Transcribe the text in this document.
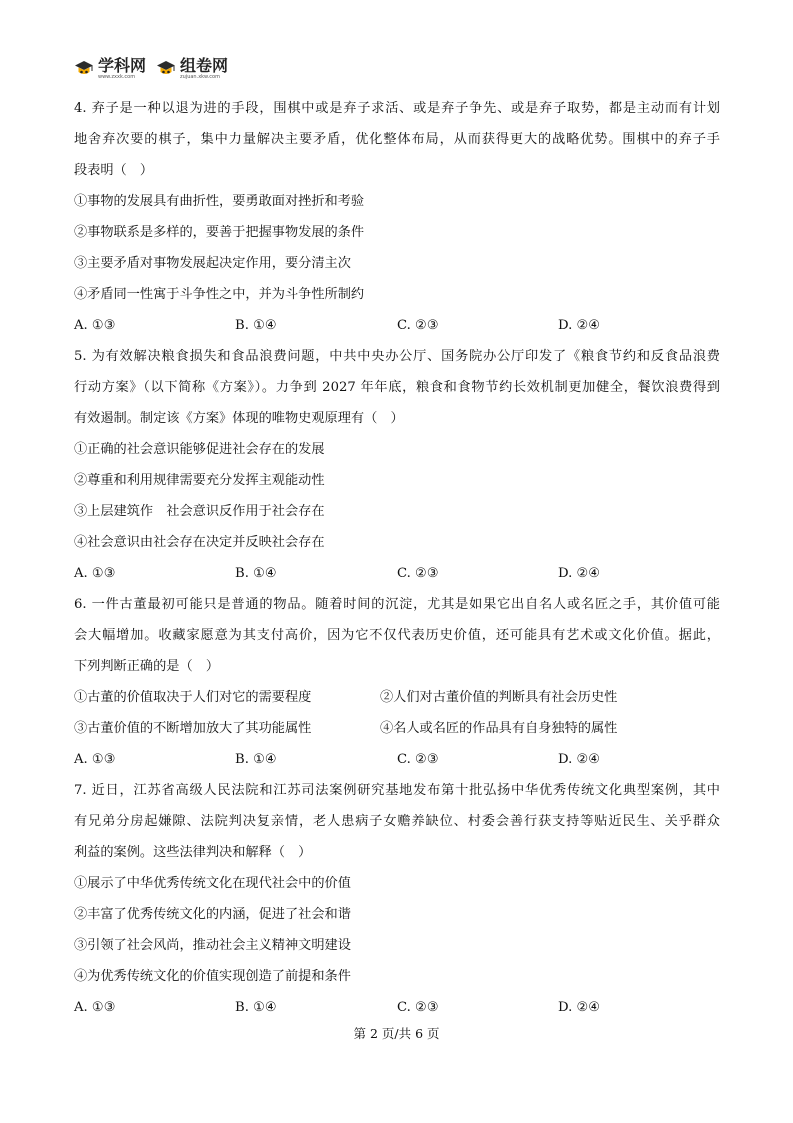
学科网
www.zxxk.com
组卷网
zujuan.xkw.com
4. 弃子是一种以退为进的手段，围棋中或是弃子求活、或是弃子争先、或是弃子取势，都是主动而有计划
地舍弃次要的棋子，集中力量解决主要矛盾，优化整体布局，从而获得更大的战略优势。围棋中的弃子手
段表明（　）
①事物的发展具有曲折性，要勇敢面对挫折和考验
②事物联系是多样的，要善于把握事物发展的条件
③主要矛盾对事物发展起决定作用，要分清主次
④矛盾同一性寓于斗争性之中，并为斗争性所制约
A. ①③	B. ①④	C. ②③	D. ②④
5. 为有效解决粮食损失和食品浪费问题，中共中央办公厅、国务院办公厅印发了《粮食节约和反食品浪费
行动方案》（以下简称《方案》）。力争到 2027 年年底，粮食和食物节约长效机制更加健全，餐饮浪费得到
有效遏制。制定该《方案》体现的唯物史观原理有（　）
①正确的社会意识能够促进社会存在的发展
②尊重和利用规律需要充分发挥主观能动性
③上层建筑作　社会意识反作用于社会存在
④社会意识由社会存在决定并反映社会存在
A. ①③	B. ①④	C. ②③	D. ②④
6. 一件古董最初可能只是普通的物品。随着时间的沉淀，尤其是如果它出自名人或名匠之手，其价值可能
会大幅增加。收藏家愿意为其支付高价，因为它不仅代表历史价值，还可能具有艺术或文化价值。据此，
下列判断正确的是（　）
①古董的价值取决于人们对它的需要程度	②人们对古董价值的判断具有社会历史性
③古董价值的不断增加放大了其功能属性	④名人或名匠的作品具有自身独特的属性
A. ①③	B. ①④	C. ②③	D. ②④
7. 近日，江苏省高级人民法院和江苏司法案例研究基地发布第十批弘扬中华优秀传统文化典型案例，其中
有兄弟分房起嫌隙、法院判决复亲情，老人患病子女赡养缺位、村委会善行获支持等贴近民生、关乎群众
利益的案例。这些法律判决和解释（　）
①展示了中华优秀传统文化在现代社会中的价值
②丰富了优秀传统文化的内涵，促进了社会和谐
③引领了社会风尚，推动社会主义精神文明建设
④为优秀传统文化的价值实现创造了前提和条件
A. ①③	B. ①④	C. ②③	D. ②④
第 2 页/共 6 页
